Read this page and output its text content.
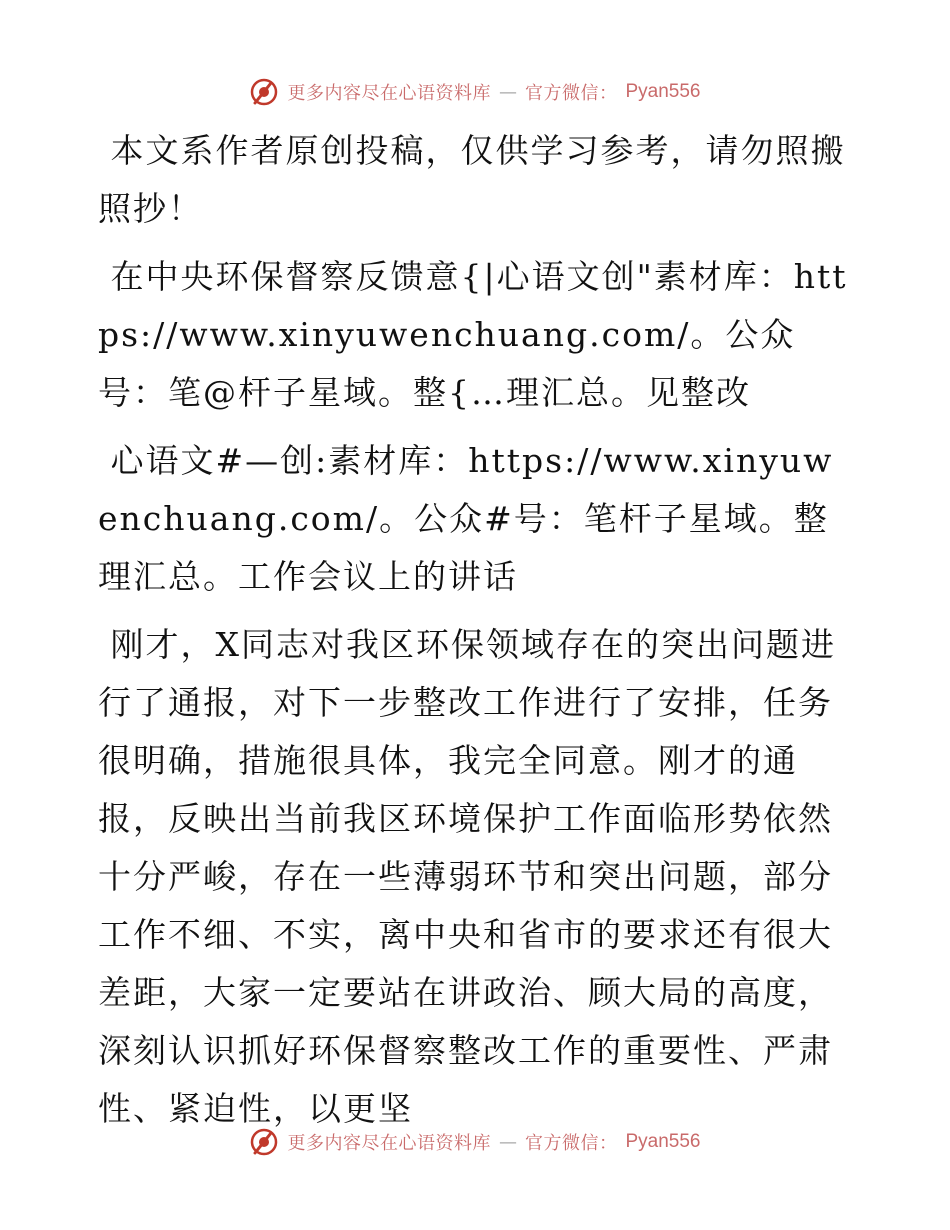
更多内容尽在心语资料库 — 官方微信： Pyan556

本文系作者原创投稿，仅供学习参考，请勿照搬照抄！

在中央环保督察反馈意{|心语文创"素材库：https://www.xinyuwenchuang.com/。公众号：笔@杆子星域。整{…理汇总。见整改

心语文#—创:素材库：https://www.xinyuwenchuang.com/。公众#号：笔杆子星域。整理汇总。工作会议上的讲话

刚才，X同志对我区环保领域存在的突出问题进行了通报，对下一步整改工作进行了安排，任务很明确，措施很具体，我完全同意。刚才的通报，反映出当前我区环境保护工作面临形势依然十分严峻，存在一些薄弱环节和突出问题，部分工作不细、不实，离中央和省市的要求还有很大差距，大家一定要站在讲政治、顾大局的高度，深刻认识抓好环保督察整改工作的重要性、严肃性、紧迫性，以更坚

更多内容尽在心语资料库 — 官方微信： Pyan556
